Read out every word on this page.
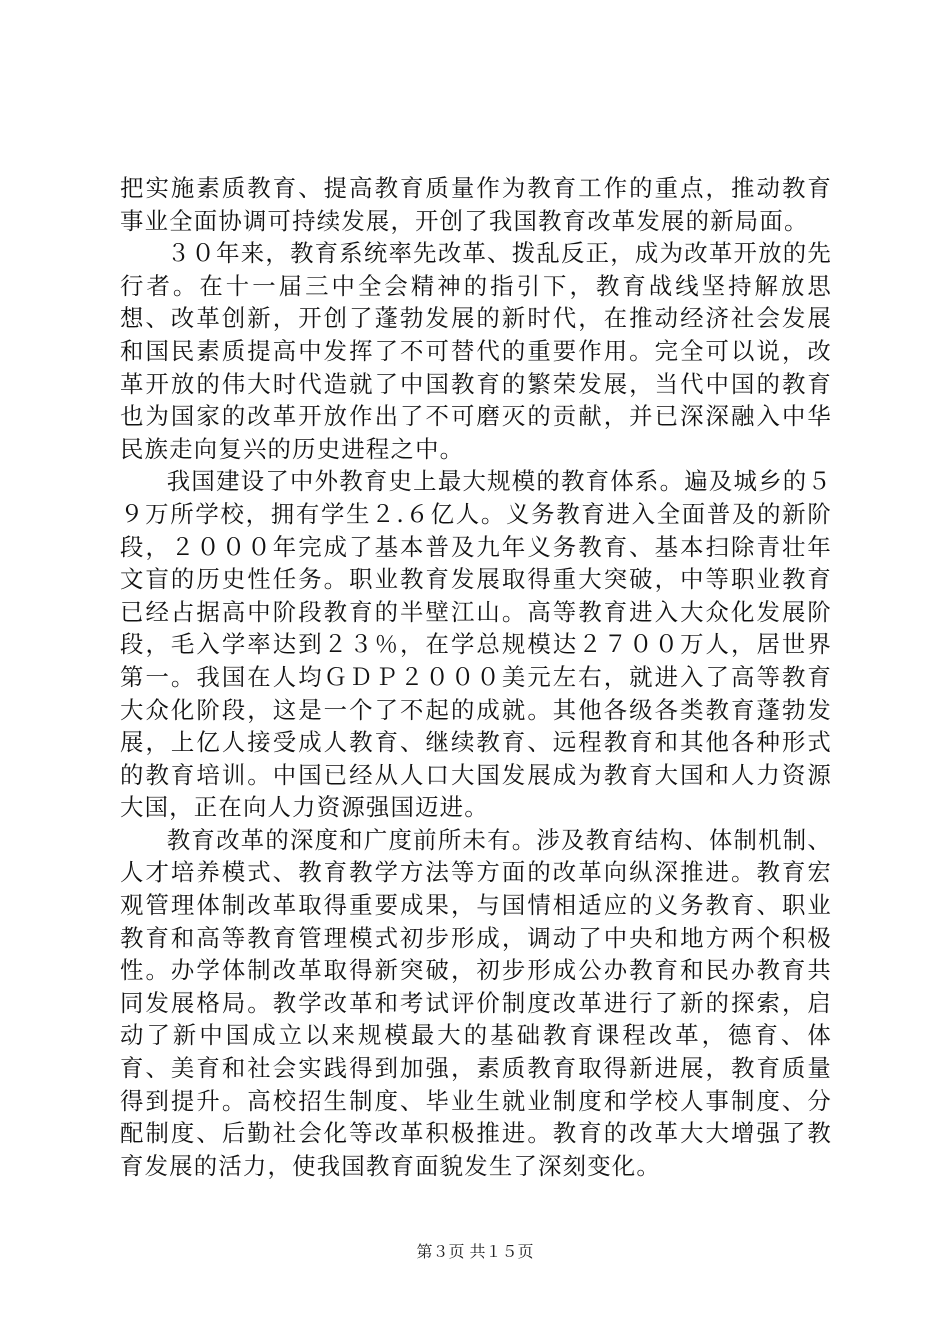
把实施素质教育、提高教育质量作为教育工作的重点，推动教育事业全面协调可持续发展，开创了我国教育改革发展的新局面。

３０年来，教育系统率先改革、拨乱反正，成为改革开放的先行者。在十一届三中全会精神的指引下，教育战线坚持解放思想、改革创新，开创了蓬勃发展的新时代，在推动经济社会发展和国民素质提高中发挥了不可替代的重要作用。完全可以说，改革开放的伟大时代造就了中国教育的繁荣发展，当代中国的教育也为国家的改革开放作出了不可磨灭的贡献，并已深深融入中华民族走向复兴的历史进程之中。

我国建设了中外教育史上最大规模的教育体系。遍及城乡的５９万所学校，拥有学生２.６亿人。义务教育进入全面普及的新阶段，２０００年完成了基本普及九年义务教育、基本扫除青壮年文盲的历史性任务。职业教育发展取得重大突破，中等职业教育已经占据高中阶段教育的半壁江山。高等教育进入大众化发展阶段，毛入学率达到２３％，在学总规模达２７００万人，居世界第一。我国在人均ＧＤＰ２０００美元左右，就进入了高等教育大众化阶段，这是一个了不起的成就。其他各级各类教育蓬勃发展，上亿人接受成人教育、继续教育、远程教育和其他各种形式的教育培训。中国已经从人口大国发展成为教育大国和人力资源大国，正在向人力资源强国迈进。

教育改革的深度和广度前所未有。涉及教育结构、体制机制、人才培养模式、教育教学方法等方面的改革向纵深推进。教育宏观管理体制改革取得重要成果，与国情相适应的义务教育、职业教育和高等教育管理模式初步形成，调动了中央和地方两个积极性。办学体制改革取得新突破，初步形成公办教育和民办教育共同发展格局。教学改革和考试评价制度改革进行了新的探索，启动了新中国成立以来规模最大的基础教育课程改革，德育、体育、美育和社会实践得到加强，素质教育取得新进展，教育质量得到提升。高校招生制度、毕业生就业制度和学校人事制度、分配制度、后勤社会化等改革积极推进。教育的改革大大增强了教育发展的活力，使我国教育面貌发生了深刻变化。

第３页 共１５页
